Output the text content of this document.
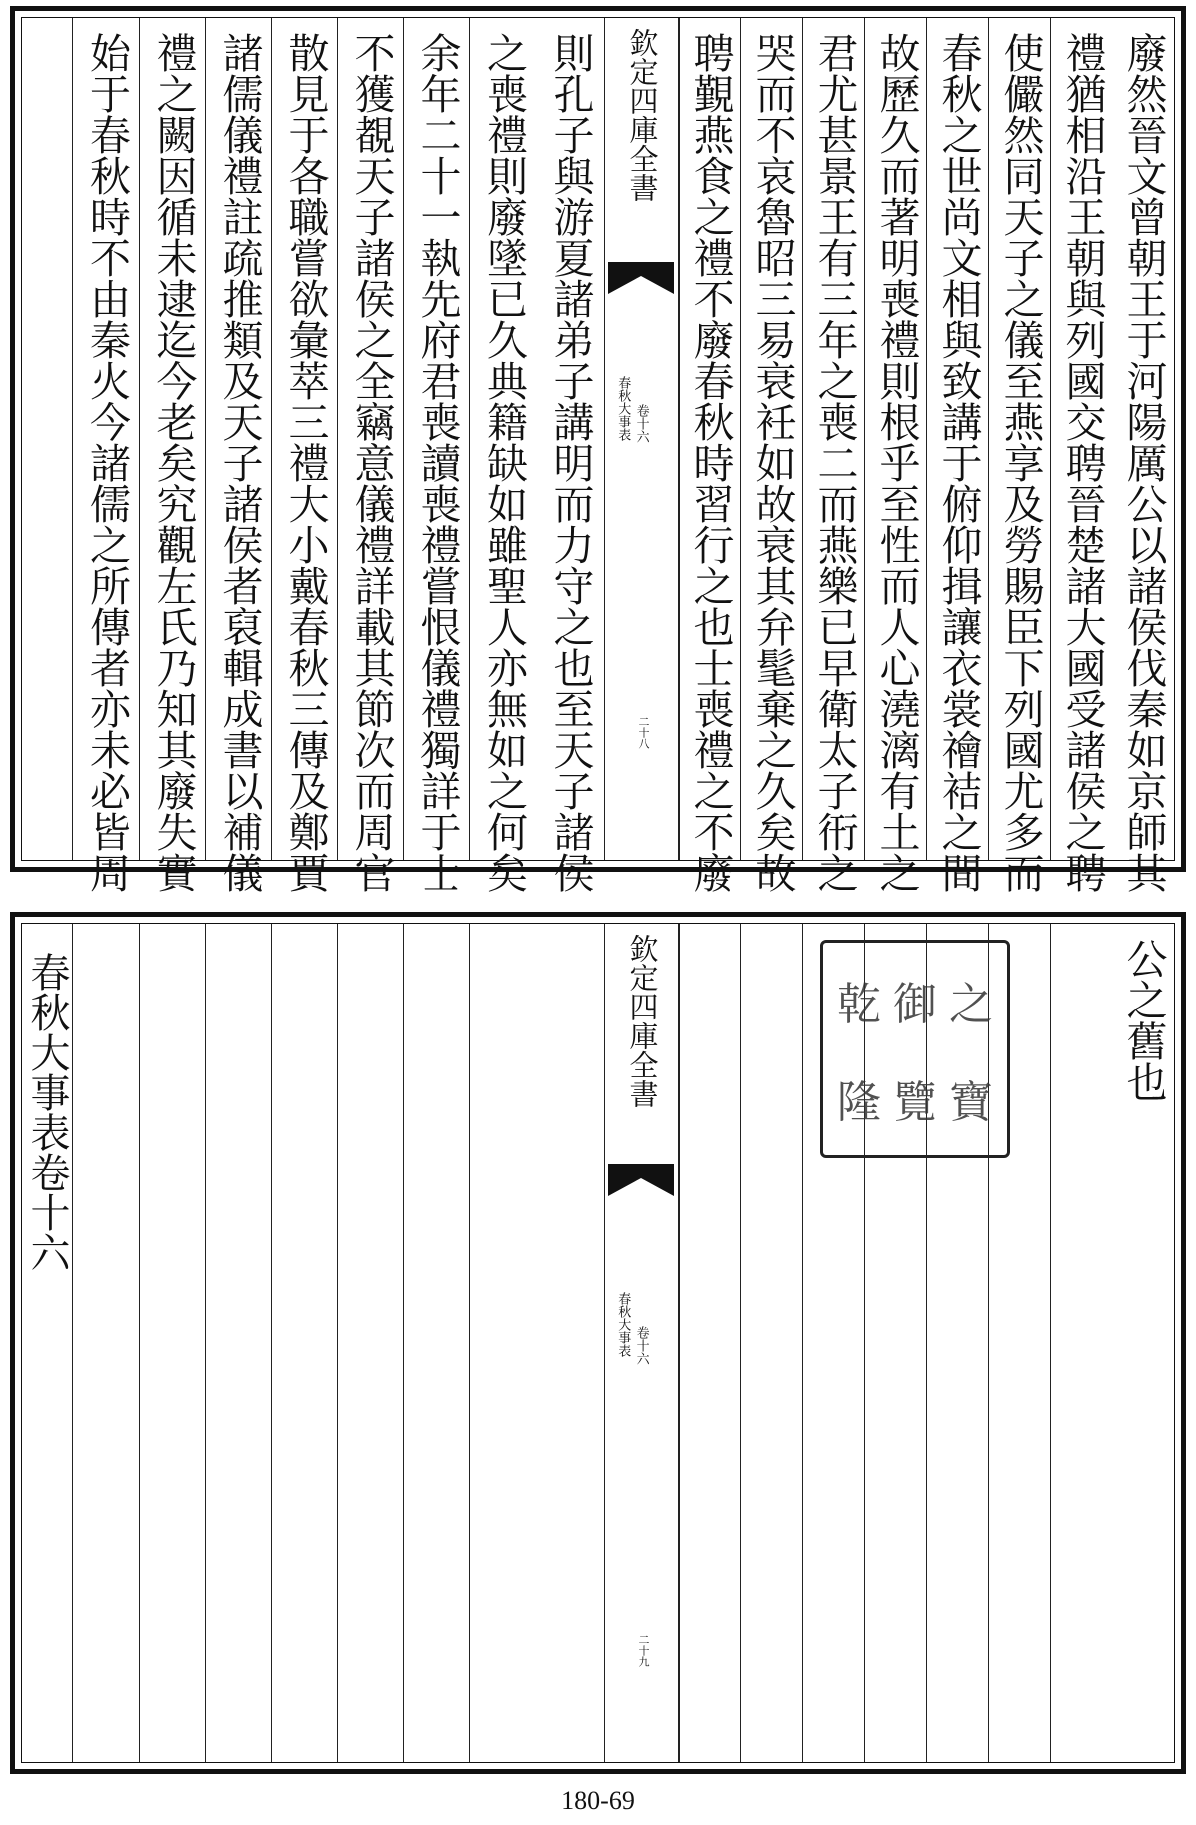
廢然晉文曾朝王于河陽厲公以諸侯伐秦如京師其
禮猶相沿王朝與列國交聘晉楚諸大國受諸侯之聘
使儼然同天子之儀至燕享及勞賜臣下列國尤多而
春秋之世尚文相與致講于俯仰揖讓衣裳禬袺之間
故歷久而著明喪禮則根乎至性而人心澆漓有土之
君尤甚景王有三年之喪二而燕樂已早衛太子衎之
哭而不哀魯昭三易衰衽如故衰其弁髦棄之久矣故
聘覲燕食之禮不廢春秋時習行之也士喪禮之不廢
欽定四庫全書
春秋大事表 卷十六
二十八
則孔子與游夏諸弟子講明而力守之也至天子諸侯
之喪禮則廢墜已久典籍缺如雖聖人亦無如之何矣
余年二十一執先府君喪讀喪禮嘗恨儀禮獨詳于士
不獲覩天子諸侯之全竊意儀禮詳載其節次而周官
散見于各職嘗欲彙萃三禮大小戴春秋三傳及鄭賈
諸儒儀禮註疏推類及天子諸侯者裒輯成書以補儀
禮之闕因循未逮迄今老矣究觀左氏乃知其廢失實
始于春秋時不由秦火今諸儒之所傳者亦未必皆周
公之舊也
乾 御 之
隆 覽 寶
欽定四庫全書
春秋大事表 卷十六
二十九
春秋大事表卷十六
180-69
